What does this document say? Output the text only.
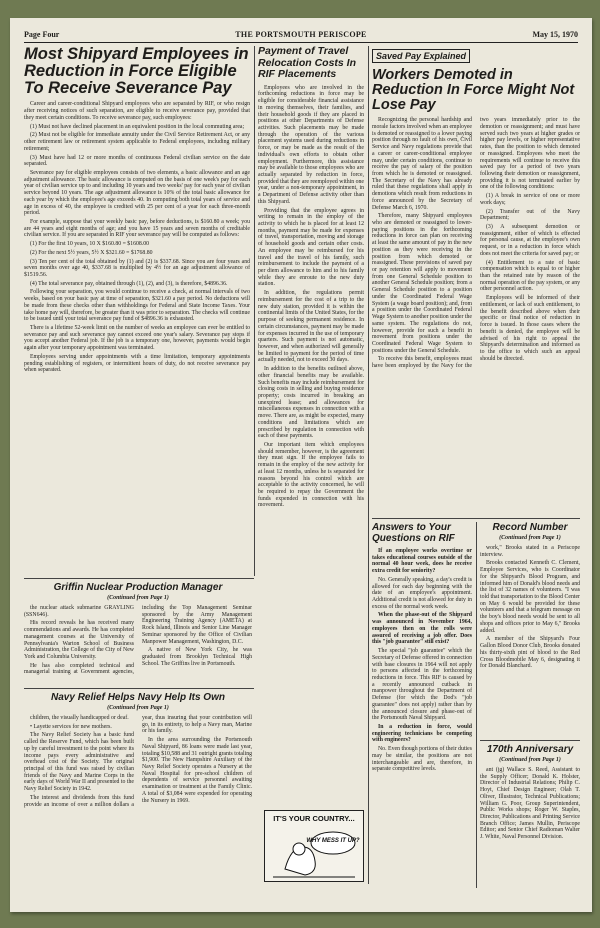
Page Four	THE PORTSMOUTH PERISCOPE	May 15, 1970
Most Shipyard Employees in Reduction in Force Eligible To Receive Severance Pay

Career and career-conditional Shipyard employees who are separated by RIF, or who resign after receiving notices of such separation, are eligible to receive severance pay, provided that they meet certain conditions. To receive severance pay, such employees:

(1) Must not have declined placement in an equivalent position in the local commuting area;

(2) Must not be eligible for immediate annuity under the Civil Service Retirement Act, or any other retirement law or retirement system applicable to Federal employees, including military retirement;

(3) Must have had 12 or more months of continuous Federal civilian service on the date separated.

Severance pay for eligible employees consists of two elements, a basic allowance and an age adjustment allowance. The basic allowance is computed on the basis of one week's pay for each year of civilian service up to and including 10 years and two weeks' pay for each year of civilian service beyond 10 years. The age adjustment allowance is 10% of the total basic allowance for each year by which the employee's age exceeds 40. In computing both total years of service and age in excess of 40, the employee is credited with 25 per cent of a year for each three-month period.

For example, suppose that your weekly basic pay, before deductions, is $160.80 a week; you are 44 years and eight months of age; and you have 15 years and seven months of creditable civilian service. If you are separated in RIF your severance pay will be computed as follows:

(1) For the first 10 years, 10 X $160.80 = $1608.00

(2) For the next 5½ years, 5½ X $321.60 = $1768.80

(3) Ten per cent of the total obtained by (1) and (2) is $337.68. Since you are four years and seven months over age 40, $337.68 is multiplied by 4½ for an age adjustment allowance of $1519.56.

(4) The total severance pay, obtained through (1), (2), and (3), is therefore, $4896.36.

Following your separation, you would continue to receive a check, at normal intervals of two weeks, based on your basic pay at time of separation, $321.60 a pay period. No deductions will be made from these checks other than withholdings for Federal and State Income Taxes. Your take home pay will, therefore, be greater than it was prior to separation. The checks will continue to be issued until your total severance pay fund of $4896.36 is exhausted.

There is a lifetime 52-week limit on the number of weeks an employee can ever be entitled to severance pay and such severance pay cannot exceed one year's salary. Severance pay stops if you accept another Federal job. If the job is a temporary one, however, payments would begin again after your temporary appointment was terminated.

Employees serving under appointments with a time limitation, temporary appointments pending establishing of registers, or intermittent hours of duty, do not receive severance pay when separated.

Payment of Travel Relocation Costs In RIF Placements

Employees who are involved in the forthcoming reductions in force may be eligible for considerable financial assistance in moving themselves, their families, and their household goods if they are placed in positions at other Departments of Defense activities. Such placements may be made through the operation of the various placement systems used during reductions in force, or may be made as the result of the individual's own efforts to obtain other employment. Furthermore, this assistance may be available to those employees who are actually separated by reduction in force, provided that they are reemployed within one year, under a non-temporary appointment, in a Department of Defense activity other than this Shipyard.

Providing that the employee agrees in writing to remain in the employ of the activity to which he is placed for at least 12 months, payment may be made for expenses of travel, transportation, moving and storage of household goods and certain other costs. An employee may be reimbursed for his travel and the travel of his family, such reimbursement to include the payment of a per diem allowance to him and to his family while they are enroute to the new duty station.

In addition, the regulations permit reimbursement for the cost of a trip to the new duty station, provided it is within the continental limits of the United States, for the purpose of seeking permanent residence. In certain circumstances, payment may be made for expenses incurred in the use of temporary quarters. Such payment is not automatic, however, and when authorized will generally be limited to payment for the period of time actually needed, not to exceed 30 days.

In addition to the benefits outlined above, other financial benefits may be available. Such benefits may include reimbursement for closing costs in selling and buying residence property; costs incurred in breaking an unexpired lease; and allowances for miscellaneous expenses in connection with a move. There are, as might be expected, many conditions and limitations which are prescribed by regulation in connection with each of these payments.

Our important item which employees should remember, however, is the agreement they must sign. If the employee fails to remain in the employ of the new activity for at least 12 months, unless he is separated for reasons beyond his control which are acceptable to the activity concerned, he will be required to repay the Government the funds expended in connection with his movement.

Saved Pay Explained
Workers Demoted in Reduction In Force Might Not Lose Pay

Recognizing the personal hardship and morale factors involved when an employee is demoted or reassigned to a lower paying position through no fault of his own, Civil Service and Navy regulations provide that a career or career-conditional employee may, under certain conditions, continue to receive the pay of salary of the position from which he is demoted or reassigned. The Secretary of the Navy has already ruled that these regulations shall apply in demotions which result from reductions in force announced by the Secretary of Defense March 6, 1970.

Therefore, many Shipyard employees who are demoted or reassigned to lower-paying positions in the forthcoming reductions in force can plan on receiving at least the same amount of pay in the new position as they were receiving in the position from which demoted or reassigned. These provisions of saved pay or pay retention will apply to movement from one General Schedule position to another General Schedule position; from a General Schedule position to a position under the Coordinated Federal Wage System (a wage board position); and, from a position under the Coordinated Federal Wage System to another position under the same system. The regulations do not, however, provide for such a benefit in movement from positions under the Coordinated Federal Wage System to positions under the General Schedule.

To receive this benefit, employees must have been employed by the Navy for the two years immediately prior to the demotion or reassignment; and must have served such two years at higher grades or higher pay levels, or higher representative rates, than the position to which demoted or reassigned. Employees who meet the requirements will continue to receive this saved pay for a period of two years following their demotion or reassignment, providing it is not terminated earlier by one of the following conditions:

(1) A break in service of one or more work days;

(2) Transfer out of the Navy Department;

(3) A subsequent demotion or reassignment, either of which is effected for personal cause, at the employee's own request, or in a reduction in force which does not meet the criteria for saved pay; or

(4) Entitlement to a rate of basic compensation which is equal to or higher than the retained rate by reason of the normal operation of the pay system, or any other personnel action.

Employees will be informed of their entitlement, or lack of such entitlement, to the benefit described above when their specific or final notice of reduction in force is issued. In those cases where the benefit is denied, the employee will be advised of his right to appeal the Shipyard's determination and informed as to the office to which such an appeal should be directed.

Griffin Nuclear Production Manager
(Continued from Page 1)

the nuclear attack submarine GRAYLING (SSN646).

His record reveals he has received many commendations and awards. He has completed management courses at the University of Pennsylvania's Warton School of Business Administration, the College of the City of New York and Columbia University.

He has also completed technical and managerial training at Government agencies, including the Top Management Seminar sponsored by the Army Management Engineering Training Agency (AMETA) at Rock Island, Illinois and Senior Line Manager Seminar sponsored by the Office of Civilian Manpower Management, Washington, D.C.

A native of New York City, he was graduated from Brooklyn Technical High School. The Griffins live in Portsmouth.

Navy Relief Helps Navy Help Its Own
(Continued from Page 1)

children, the visually handicapped or deaf.

• Layette services for new mothers.

The Navy Relief Society has a basic fund called the Reserve Fund, which has been built up by careful investment to the point where its income pays every administrative and overhead cost of the Society. The original principal of this fund was raised by civilian friends of the Navy and Marine Corps in the early days of World War II and presented to the Navy Relief Society in 1942.

The interest and dividends from this fund provide an income of over a million dollars a year, thus insuring that your contribution will go, in its entirety, to help a Navy man, Marine or his family.

In the area surrounding the Portsmouth Naval Shipyard, 86 loans were made last year, totaling $10,588 and 31 outright grants totaling $1,900. The New Hampshire Auxiliary of the Navy Relief Society operates a Nursery at the Naval Hospital for pre-school children of dependents of service personnel awaiting examination or treatment at the Family Clinic. A total of $3,084 were expended for operating the Nursery in 1969.

IT'S YOUR COUNTRY...
WHY MESS IT UP?
Answers to Your Questions on RIF

If an employee works overtime or takes educational courses outside of the normal 40 hour week, does he receive extra credit for seniority?

No. Generally speaking, a day's credit is allowed for each day beginning with the date of an employee's appointment. Additional credit is not allowed for duty in excess of the normal work week.

When the phase-out of the Shipyard was announced in November 1964, employees then on the rolls were assured of receiving a job offer. Does this "job guarantee" still exist?

The special "job guarantee" which the Secretary of Defense offered in connection with base closures in 1964 will not apply to persons affected in the forthcoming reductions in force. This RIF is caused by a recently announced cutback in manpower throughout the Department of Defense (for which the Dod's "job guarantee" does not apply) rather than by the announced closure and phase-out of the Portsmouth Naval Shipyard.

In a reduction in force, would engineering technicians be competing with engineers?

No. Even though portions of their duties may be similar, the positions are not interchangeable and are, therefore, in separate competitive levels.

Record Number
(Continued from Page 1)

work," Brooks stated in a Periscope interview.

Brooks contacted Kenneth C. Clement, Employee Services, who is Coordinator for the Shipyard's Blood Program, and informed him of Donald's blood needs and the list of 32 names of volunteers. "I was told that transportation to the Blood Center on May 6 would be provided for these volunteers and that a telegram message on the boy's blood needs would be sent to all shops and offices prior to May 6," Brooks added.

A member of the Shipyard's Four Gallon Blood Donor Club, Brooks donated his thirty-sixth pint of blood to the Red Cross Bloodmobile May 6, designating it for Donald Blanchard.

170th Anniversary
(Continued from Page 1)

ant (jg) Wallace S. Reed, Assistant to the Supply Officer; Donald K. Holster, Director of Industrial Relations; Philip C. Hoyt, Chief Design Engineer; Olah T. Oliver, Illustrator, Technical Publications; William G. Poor, Group Superintendent, Public Works shops; Roger W. Staples, Director, Publications and Printing Service Branch Office; James Mullin, Periscope Editor; and Senior Chief Radioman Walter J. White, Naval Personnel Division.
